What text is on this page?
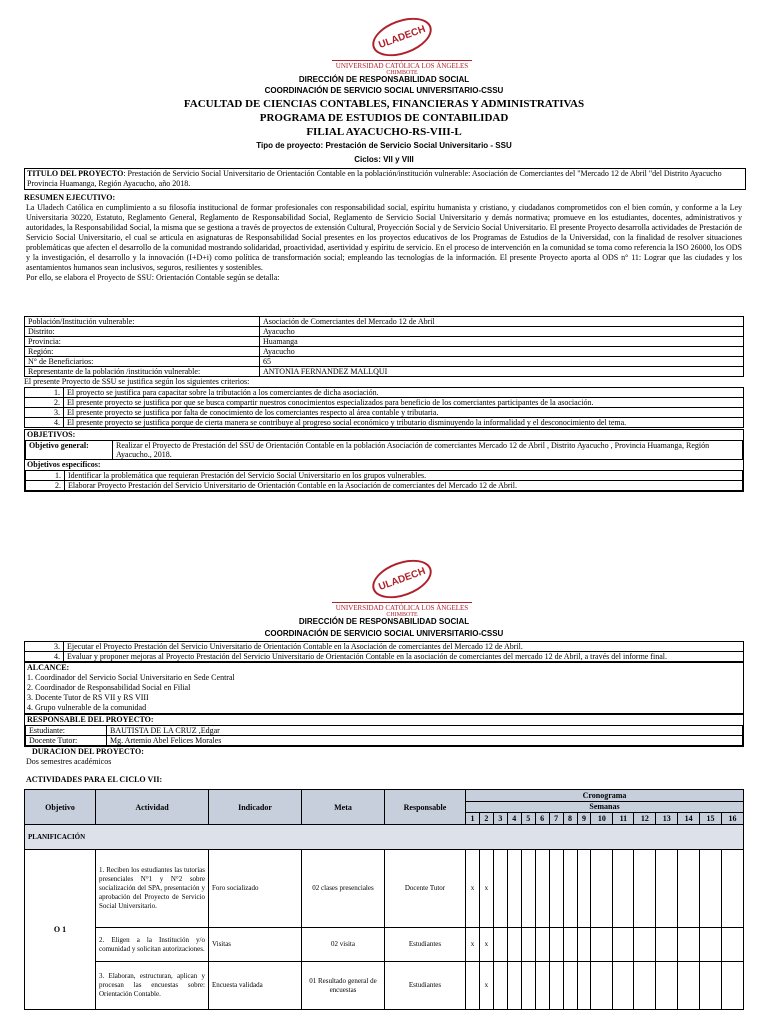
ULADECH
UNIVERSIDAD CATÓLICA LOS ÁNGELES
CHIMBOTE
DIRECCIÓN DE RESPONSABILIDAD SOCIAL
COORDINACIÓN DE SERVICIO SOCIAL UNIVERSITARIO-CSSU
FACULTAD DE CIENCIAS CONTABLES, FINANCIERAS Y ADMINISTRATIVAS
PROGRAMA DE ESTUDIOS DE CONTABILIDAD
FILIAL AYACUCHO-RS-VIII-L
Tipo de proyecto: Prestación de Servicio Social Universitario - SSU
Ciclos: VII y VIII
TITULO DEL PROYECTO: Prestación de Servicio Social Universitario de Orientación Contable en la población/institución vulnerable: Asociación de Comerciantes del "Mercado 12 de Abril "del Distrito Ayacucho Provincia Huamanga, Región Ayacucho, año 2018.
RESUMEN EJECUTIVO:
La Uladech Católica en cumplimiento a su filosofía institucional de formar profesionales con responsabilidad social, espíritu humanista y cristiano, y ciudadanos comprometidos con el bien común, y conforme a la Ley Universitaria 30220, Estatuto, Reglamento General, Reglamento de Responsabilidad Social, Reglamento de Servicio Social Universitario y demás normativa; promueve en los estudiantes, docentes, administrativos y autoridades, la Responsabilidad Social, la misma que se gestiona a través de proyectos de extensión Cultural, Proyección Social y de Servicio Social Universitario. El presente Proyecto desarrolla actividades de Prestación de Servicio Social Universitario, el cual se articula en asignaturas de Responsabilidad Social presentes en los proyectos educativos de los Programas de Estudios de la Universidad, con la finalidad de resolver situaciones problemáticas que afecten el desarrollo de la comunidad mostrando solidaridad, proactividad, asertividad y espíritu de servicio. En el proceso de intervención en la comunidad se toma como referencia la ISO 26000, los ODS y la investigación, el desarrollo y la innovación (I+D+i) como política de transformación social; empleando las tecnologías de la información. El presente Proyecto aporta al ODS n° 11: Lograr que las ciudades y los asentamientos humanos sean inclusivos, seguros, resilientes y sostenibles.
Por ello, se elabora el Proyecto de SSU: Orientación Contable según se detalla:
Población/Institución vulnerable:	Asociación de Comerciantes del Mercado 12 de Abril
Distrito:	Ayacucho
Provincia:	Huamanga
Región:	Ayacucho
N° de Beneficiarios:	65
Representante de la población /institución vulnerable:	ANTONIA FERNANDEZ MALLQUI
El presente Proyecto de SSU se justifica según los siguientes criterios:
1.	El proyecto se justifica para capacitar sobre la tributación a los comerciantes de dicha asociación.
2.	El presente proyecto se justifica por que se busca compartir nuestros conocimientos especializados para beneficio de los comerciantes participantes de la asociación.
3.	El presente proyecto se justifica por falta de conocimiento de los comerciantes respecto al área contable y tributaria.
4.	El presente proyecto se justifica porque de cierta manera se contribuye al progreso social económico y tributario disminuyendo la informalidad y el desconocimiento del tema.
OBJETIVOS:
Objetivo general:	Realizar el Proyecto de Prestación del SSU de Orientación Contable en la población Asociación de comerciantes Mercado 12 de Abril , Distrito Ayacucho , Provincia Huamanga, Región Ayacucho., 2018.
Objetivos específicos:
1.	Identificar la problemática que requieran Prestación del Servicio Social Universitario en los grupos vulnerables.
2.	Elaborar Proyecto Prestación del Servicio Universitario de Orientación Contable en la Asociación de comerciantes del Mercado 12 de Abril.
ULADECH
UNIVERSIDAD CATÓLICA LOS ÁNGELES
CHIMBOTE
DIRECCIÓN DE RESPONSABILIDAD SOCIAL
COORDINACIÓN DE SERVICIO SOCIAL UNIVERSITARIO-CSSU
3.	Ejecutar el Proyecto Prestación del Servicio Universitario de Orientación Contable en la Asociación de comerciantes del Mercado 12 de Abril.
4.	Evaluar y proponer mejoras al Proyecto Prestación del Servicio Universitario de Orientación Contable en la asociación de comerciantes del mercado 12 de Abril, a través del informe final.
ALCANCE:
1. Coordinador del Servicio Social Universitario en Sede Central
2. Coordinador de Responsabilidad Social en Filial
3. Docente Tutor de RS VII y RS VIII
4. Grupo vulnerable de la comunidad
RESPONSABLE DEL PROYECTO:
Estudiante:	BAUTISTA DE LA CRUZ ,Edgar
Docente Tutor:	Mg. Artemio Abel Felices Morales
DURACION DEL PROYECTO:
Dos semestres académicos
ACTIVIDADES PARA EL CICLO VII:
Objetivo	Actividad	Indicador	Meta	Responsable	Cronograma															
					Semanas															
					1	2	3	4	5	6	7	8	9	10	11	12	13	14	15	16
PLANIFICACIÓN																				
O 1	1. Reciben los estudiantes las tutorías presenciales N°1 y N°2 sobre socialización del SPA, presentación y aprobación del Proyecto de Servicio Social Universitario.	Foro socializado	02 clases presenciales	Docente Tutor	x	x														
	2. Eligen a la Institución y/o comunidad y solicitan autorizaciones.	Visitas	02 visita	Estudiantes	x	x														
	3. Elaboran, estructuran, aplican y procesan las encuestas sobre: Orientación Contable.	Encuesta validada	01 Resultado general de encuestas	Estudiantes		x														
